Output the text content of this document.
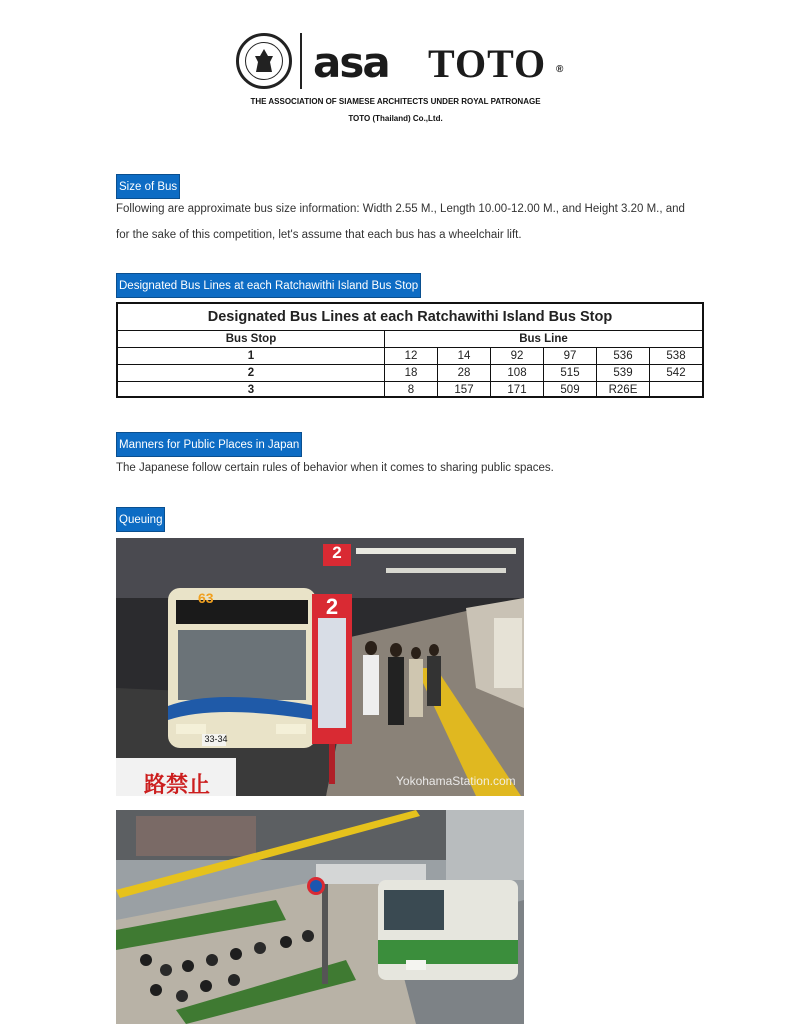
asa TOTO ®
THE ASSOCIATION OF SIAMESE ARCHITECTS UNDER ROYAL PATRONAGE
TOTO (Thailand) Co.,Ltd.
Size of Bus
Following are approximate bus size information: Width 2.55 M., Length 10.00-12.00 M., and Height 3.20 M., and
for the sake of this competition, let's assume that each bus has a wheelchair lift.
Designated Bus Lines at each Ratchawithi Island Bus Stop
Designated Bus Lines at each Ratchawithi Island Bus Stop
Bus Stop	Bus Line
1	12	14	92	97	536	538
2	18	28	108	515	539	542
3	8	157	171	509	R26E
Manners for Public Places in Japan
The Japanese follow certain rules of behavior when it comes to sharing public spaces.
Queuing
2
2
63
33-34
路禁止	YokohamaStation.com
